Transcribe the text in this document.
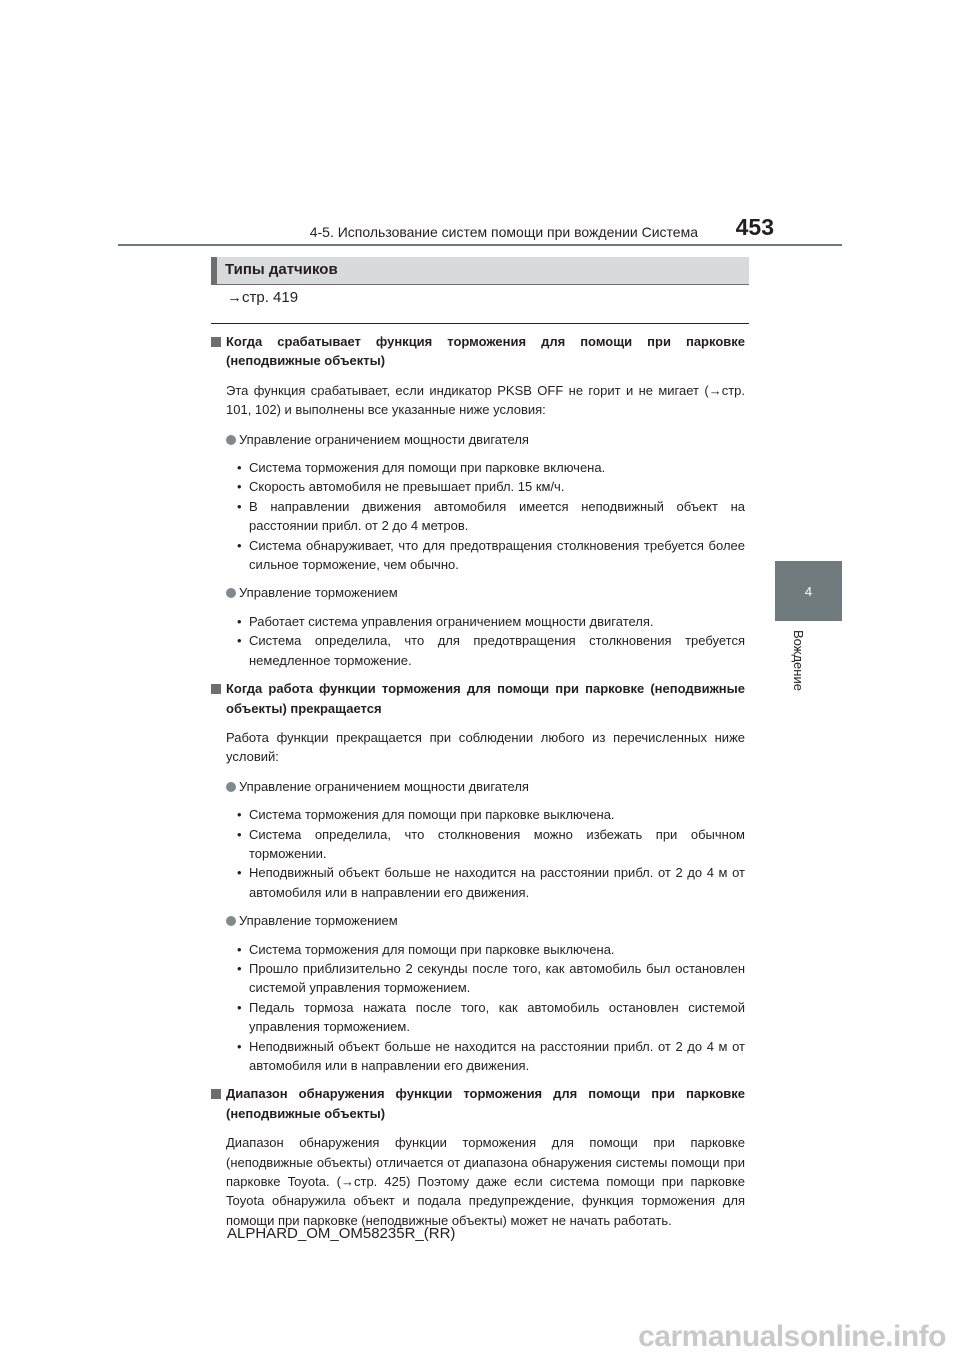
4-5. Использование систем помощи при вождении Система 453
4
Вождение
Типы датчиков
→стр. 419
Когда срабатывает функция торможения для помощи при парковке (неподвижные объекты)
Эта функция срабатывает, если индикатор PKSB OFF не горит и не мигает (→стр. 101, 102) и выполнены все указанные ниже условия:
Управление ограничением мощности двигателя
• Система торможения для помощи при парковке включена.
• Скорость автомобиля не превышает прибл. 15 км/ч.
• В направлении движения автомобиля имеется неподвижный объект на расстоянии прибл. от 2 до 4 метров.
• Система обнаруживает, что для предотвращения столкновения требуется более сильное торможение, чем обычно.
Управление торможением
• Работает система управления ограничением мощности двигателя.
• Система определила, что для предотвращения столкновения требуется немедленное торможение.
Когда работа функции торможения для помощи при парковке (неподвижные объекты) прекращается
Работа функции прекращается при соблюдении любого из перечисленных ниже условий:
Управление ограничением мощности двигателя
• Система торможения для помощи при парковке выключена.
• Система определила, что столкновения можно избежать при обычном торможении.
• Неподвижный объект больше не находится на расстоянии прибл. от 2 до 4 м от автомобиля или в направлении его движения.
Управление торможением
• Система торможения для помощи при парковке выключена.
• Прошло приблизительно 2 секунды после того, как автомобиль был остановлен системой управления торможением.
• Педаль тормоза нажата после того, как автомобиль остановлен системой управления торможением.
• Неподвижный объект больше не находится на расстоянии прибл. от 2 до 4 м от автомобиля или в направлении его движения.
Диапазон обнаружения функции торможения для помощи при парковке (неподвижные объекты)
Диапазон обнаружения функции торможения для помощи при парковке (неподвижные объекты) отличается от диапазона обнаружения системы помощи при парковке Toyota. (→стр. 425) Поэтому даже если система помощи при парковке Toyota обнаружила объект и подала предупреждение, функция торможения для помощи при парковке (неподвижные объекты) может не начать работать.
ALPHARD_OM_OM58235R_(RR)
carmanualsonline.info
